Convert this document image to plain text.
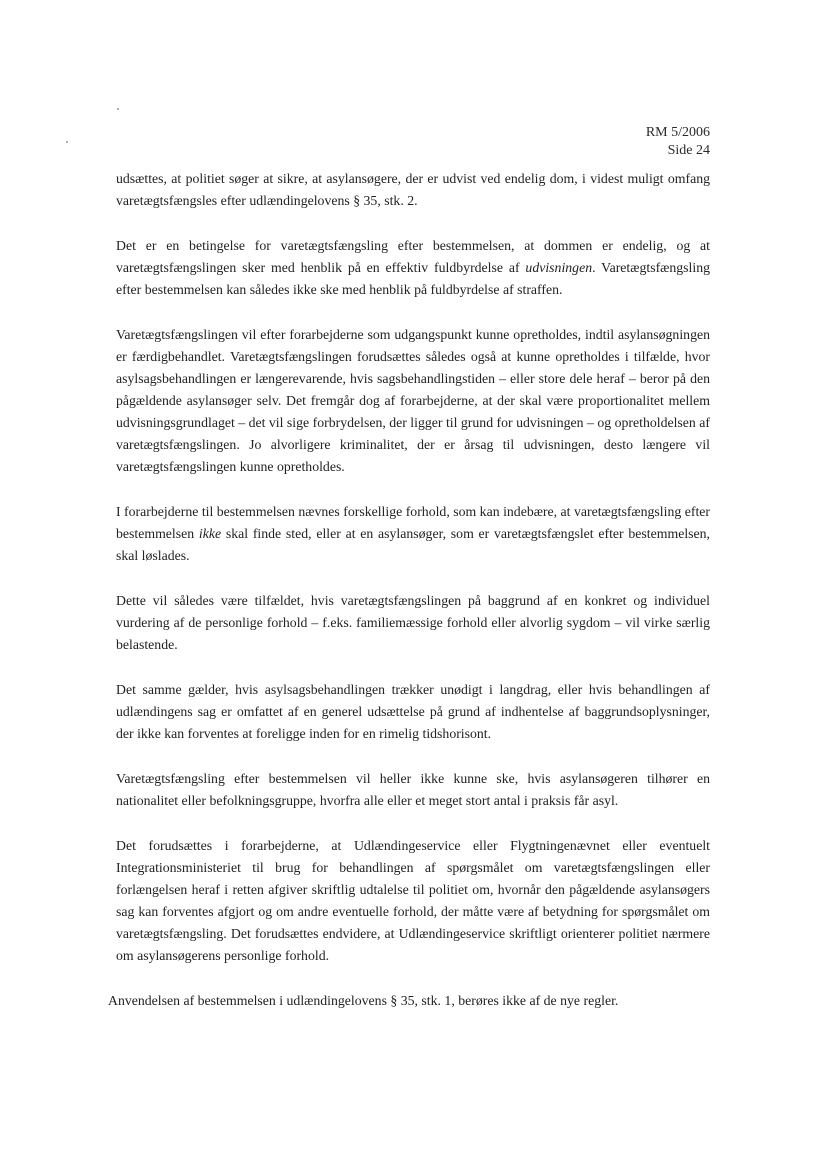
RM 5/2006
Side 24

udsættes, at politiet søger at sikre, at asylansøgere, der er udvist ved endelig dom, i videst muligt omfang varetægtsfængsles efter udlændingelovens § 35, stk. 2.

Det er en betingelse for varetægtsfængsling efter bestemmelsen, at dommen er endelig, og at varetægtsfængslingen sker med henblik på en effektiv fuldbyrdelse af udvisningen. Varetægtsfængsling efter bestemmelsen kan således ikke ske med henblik på fuldbyrdelse af straffen.

Varetægtsfængslingen vil efter forarbejderne som udgangspunkt kunne opretholdes, indtil asylansøgningen er færdigbehandlet. Varetægtsfængslingen forudsættes således også at kunne opretholdes i tilfælde, hvor asylsagsbehandlingen er længerevarende, hvis sagsbehandlingstiden – eller store dele heraf – beror på den pågældende asylansøger selv. Det fremgår dog af forarbejderne, at der skal være proportionalitet mellem udvisningsgrundlaget – det vil sige forbrydelsen, der ligger til grund for udvisningen – og opretholdelsen af varetægtsfængslingen. Jo alvorligere kriminalitet, der er årsag til udvisningen, desto længere vil varetægtsfængslingen kunne opretholdes.

I forarbejderne til bestemmelsen nævnes forskellige forhold, som kan indebære, at varetægtsfængsling efter bestemmelsen ikke skal finde sted, eller at en asylansøger, som er varetægtsfængslet efter bestemmelsen, skal løslades.

Dette vil således være tilfældet, hvis varetægtsfængslingen på baggrund af en konkret og individuel vurdering af de personlige forhold – f.eks. familiemæssige forhold eller alvorlig sygdom – vil virke særlig belastende.

Det samme gælder, hvis asylsagsbehandlingen trækker unødigt i langdrag, eller hvis behandlingen af udlændingens sag er omfattet af en generel udsættelse på grund af indhentelse af baggrundsoplysninger, der ikke kan forventes at foreligge inden for en rimelig tidshorisont.

Varetægtsfængsling efter bestemmelsen vil heller ikke kunne ske, hvis asylansøgeren tilhører en nationalitet eller befolkningsgruppe, hvorfra alle eller et meget stort antal i praksis får asyl.

Det forudsættes i forarbejderne, at Udlændingeservice eller Flygtningenævnet eller eventuelt Integrationsministeriet til brug for behandlingen af spørgsmålet om varetægtsfængslingen eller forlængelsen heraf i retten afgiver skriftlig udtalelse til politiet om, hvornår den pågældende asylansøgers sag kan forventes afgjort og om andre eventuelle forhold, der måtte være af betydning for spørgsmålet om varetægtsfængsling. Det forudsættes endvidere, at Udlændingeservice skriftligt orienterer politiet nærmere om asylansøgerens personlige forhold.

Anvendelsen af bestemmelsen i udlændingelovens § 35, stk. 1, berøres ikke af de nye regler.
